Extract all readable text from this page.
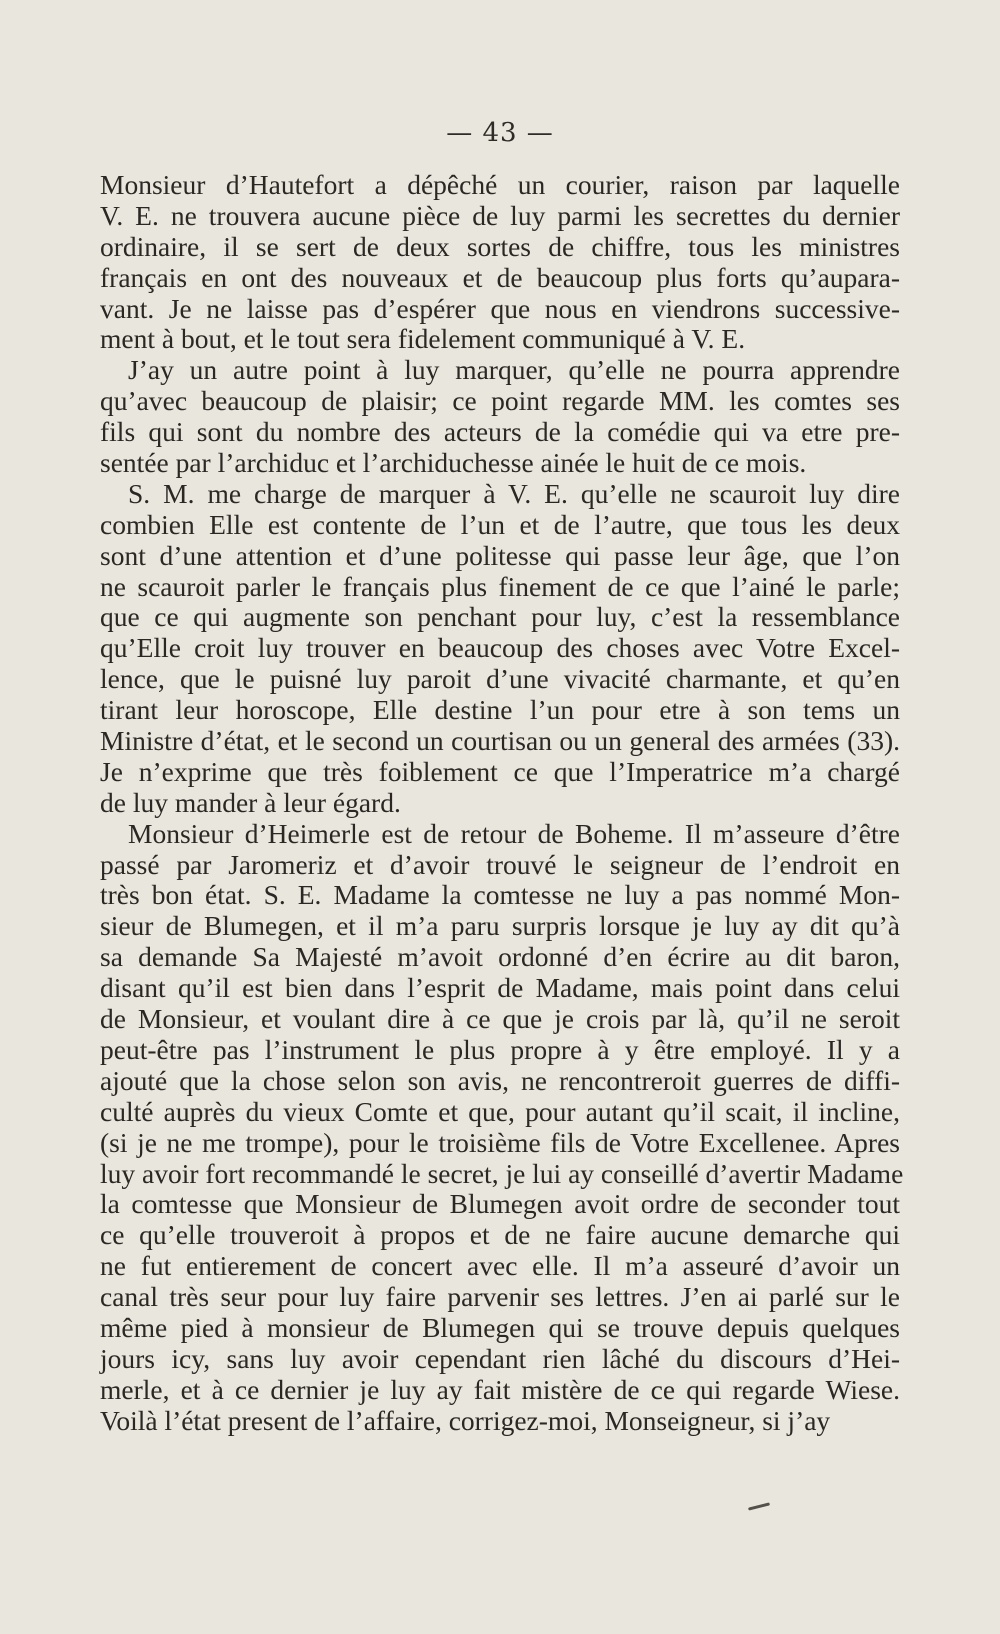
— 43 —
Monsieur d’Hautefort a dépêché un courier, raison par laquelle
V. E. ne trouvera aucune pièce de luy parmi les secrettes du dernier
ordinaire, il se sert de deux sortes de chiffre, tous les ministres
français en ont des nouveaux et de beaucoup plus forts qu’aupara-
vant. Je ne laisse pas d’espérer que nous en viendrons successive-
ment à bout, et le tout sera fidelement communiqué à V. E.
J’ay un autre point à luy marquer, qu’elle ne pourra apprendre
qu’avec beaucoup de plaisir; ce point regarde MM. les comtes ses
fils qui sont du nombre des acteurs de la comédie qui va etre pre-
sentée par l’archiduc et l’archiduchesse ainée le huit de ce mois.
S. M. me charge de marquer à V. E. qu’elle ne scauroit luy dire
combien Elle est contente de l’un et de l’autre, que tous les deux
sont d’une attention et d’une politesse qui passe leur âge, que l’on
ne scauroit parler le français plus finement de ce que l’ainé le parle;
que ce qui augmente son penchant pour luy, c’est la ressemblance
qu’Elle croit luy trouver en beaucoup des choses avec Votre Excel-
lence, que le puisné luy paroit d’une vivacité charmante, et qu’en
tirant leur horoscope, Elle destine l’un pour etre à son tems un
Ministre d’état, et le second un courtisan ou un general des armées (33).
Je n’exprime que très foiblement ce que l’Imperatrice m’a chargé
de luy mander à leur égard.
Monsieur d’Heimerle est de retour de Boheme. Il m’asseure d’être
passé par Jaromeriz et d’avoir trouvé le seigneur de l’endroit en
très bon état. S. E. Madame la comtesse ne luy a pas nommé Mon-
sieur de Blumegen, et il m’a paru surpris lorsque je luy ay dit qu’à
sa demande Sa Majesté m’avoit ordonné d’en écrire au dit baron,
disant qu’il est bien dans l’esprit de Madame, mais point dans celui
de Monsieur, et voulant dire à ce que je crois par là, qu’il ne seroit
peut-être pas l’instrument le plus propre à y être employé. Il y a
ajouté que la chose selon son avis, ne rencontreroit guerres de diffi-
culté auprès du vieux Comte et que, pour autant qu’il scait, il incline,
(si je ne me trompe), pour le troisième fils de Votre Excellenee. Apres
luy avoir fort recommandé le secret, je lui ay conseillé d’avertir Madame
la comtesse que Monsieur de Blumegen avoit ordre de seconder tout
ce qu’elle trouveroit à propos et de ne faire aucune demarche qui
ne fut entierement de concert avec elle. Il m’a asseuré d’avoir un
canal très seur pour luy faire parvenir ses lettres. J’en ai parlé sur le
même pied à monsieur de Blumegen qui se trouve depuis quelques
jours icy, sans luy avoir cependant rien lâché du discours d’Hei-
merle, et à ce dernier je luy ay fait mistère de ce qui regarde Wiese.
Voilà l’état present de l’affaire, corrigez-moi, Monseigneur, si j’ay
